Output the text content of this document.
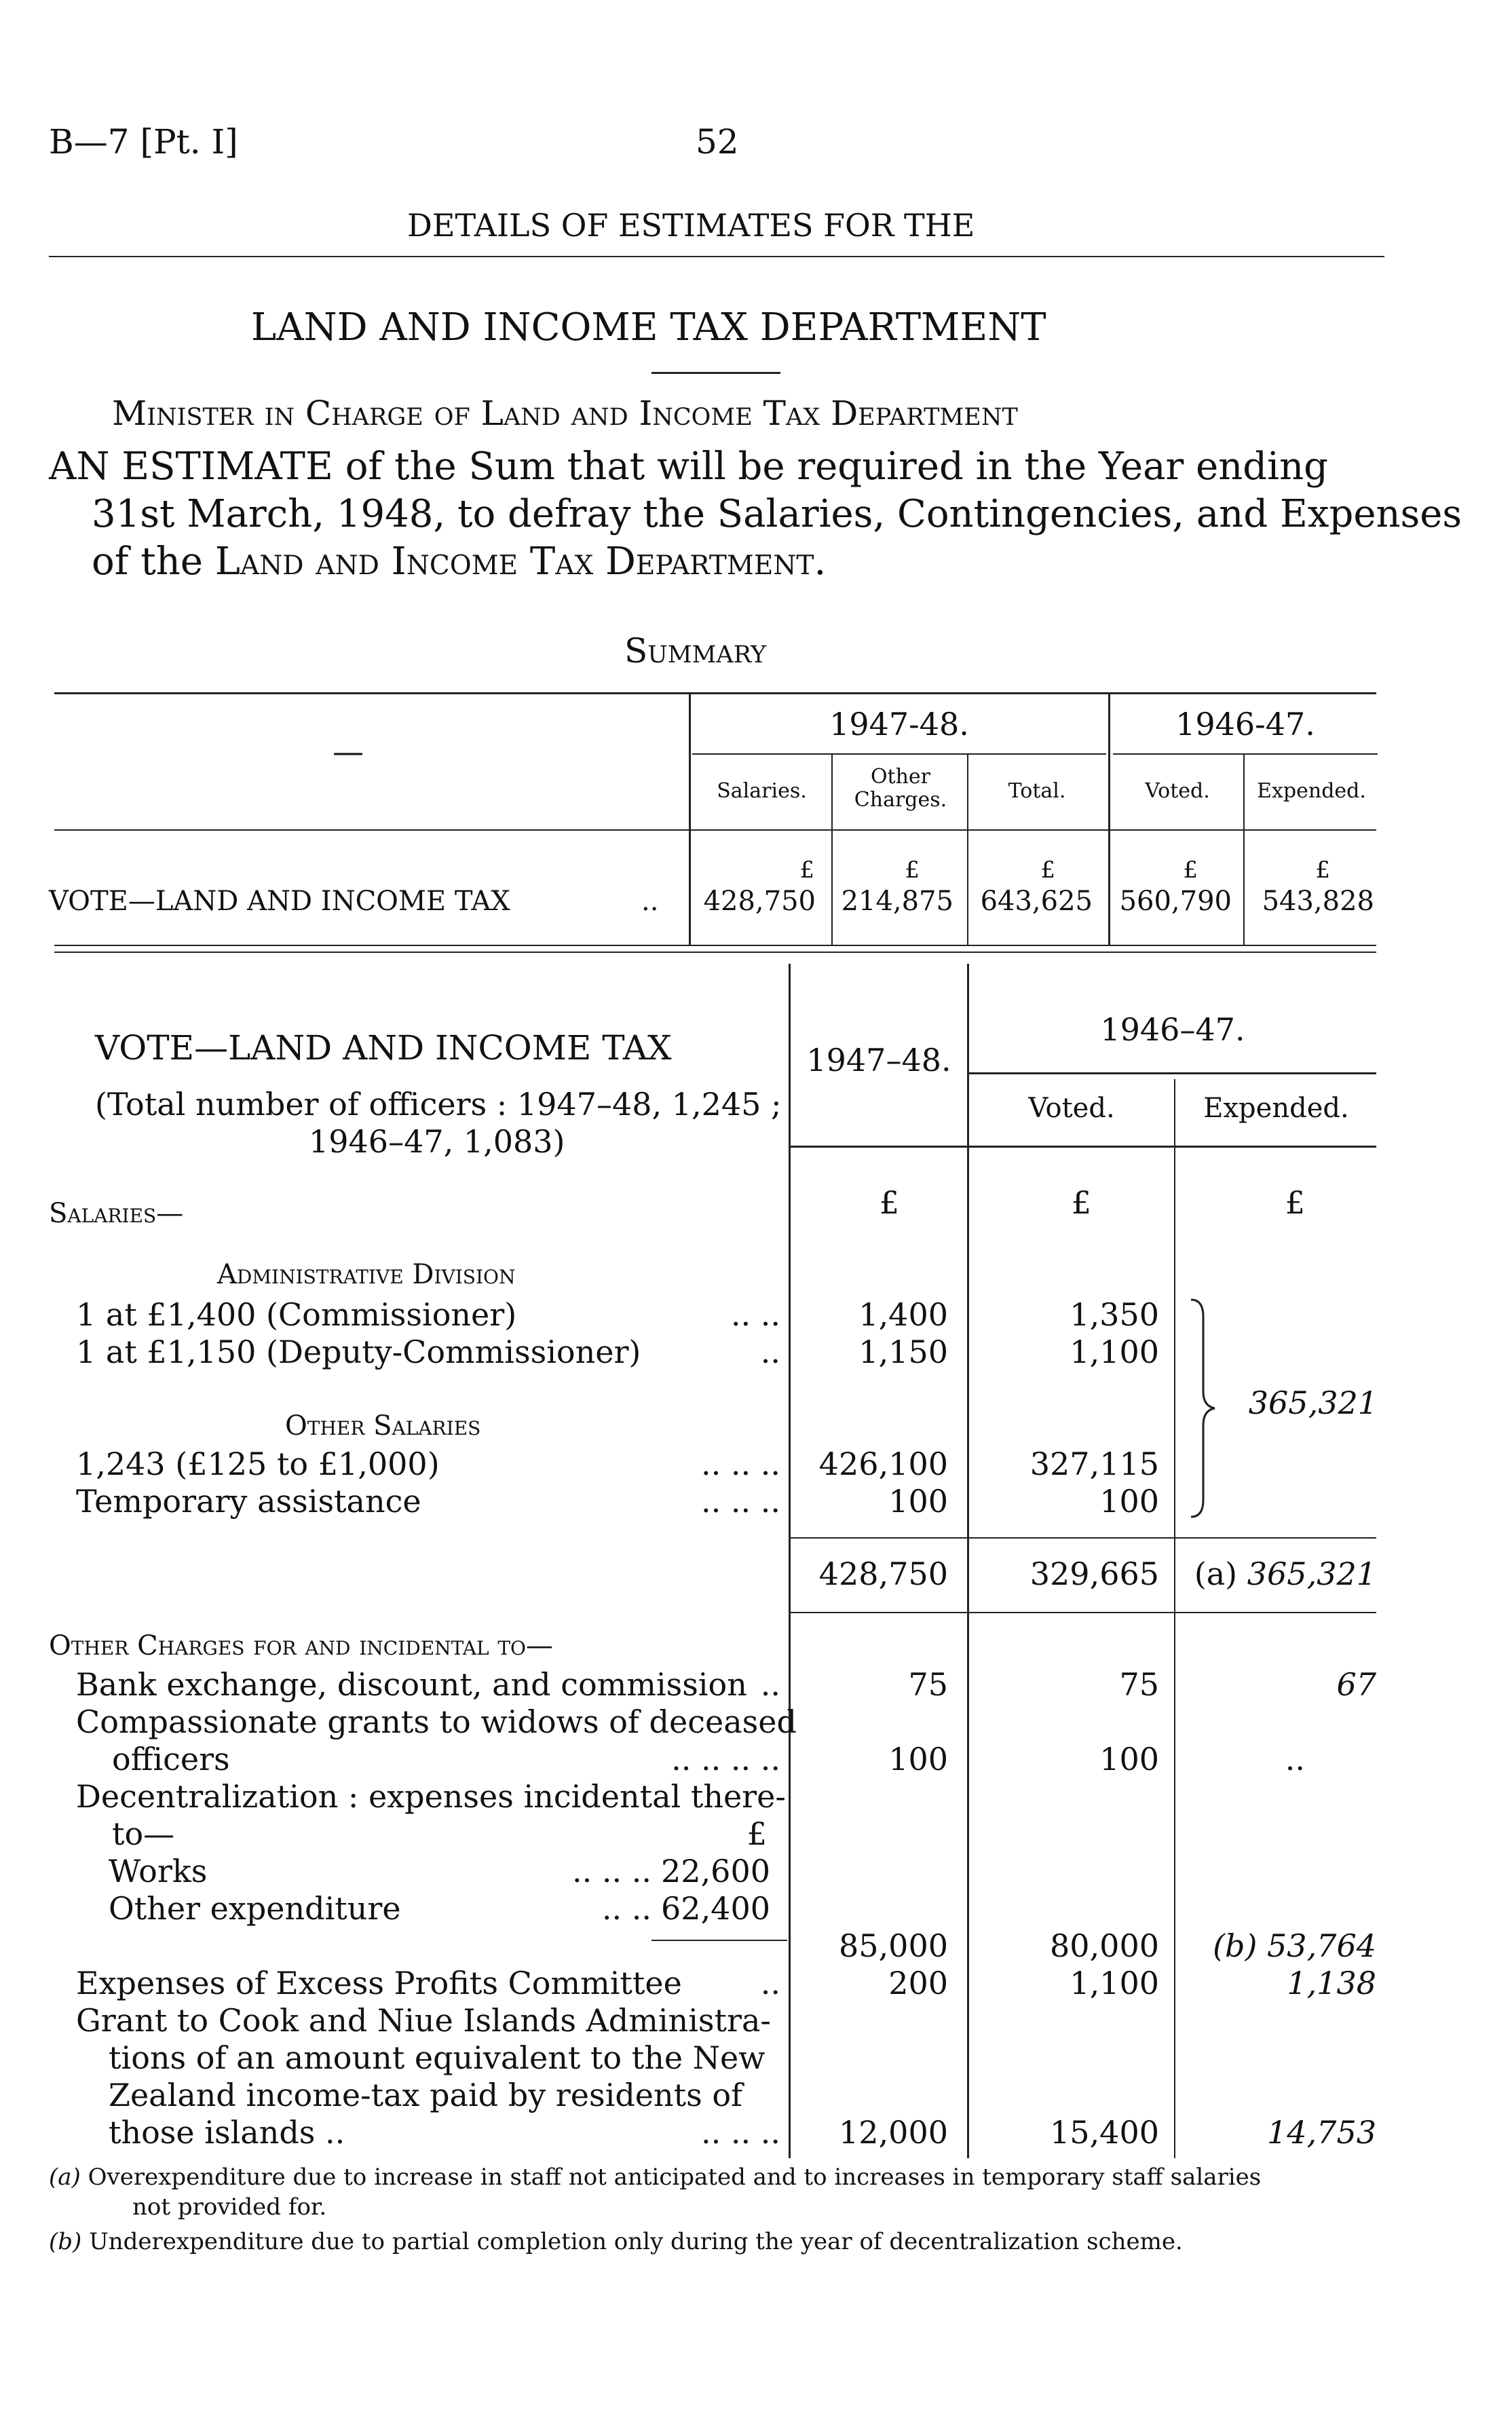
B—7 [Pt. I]	52
DETAILS OF ESTIMATES FOR THE
LAND AND INCOME TAX DEPARTMENT
Minister in Charge of Land and Income Tax Department
AN ESTIMATE of the Sum that will be required in the Year ending
31st March, 1948, to defray the Salaries, Contingencies, and Expenses
of the Land and Income Tax Department.
Summary
—
1947-48.	1946-47.
Salaries.
Other
Charges.	Total.	Voted.	Expended.
£	£	£	£	£
VOTE—LAND AND INCOME TAX	..	428,750 214,875 643,625 560,790	543,828
VOTE—LAND AND INCOME TAX
(Total number of officers : 1947–48, 1,245 ;
1946–47, 1,083)
1947–48.
1946–47.
Voted.	Expended.
£	£	£
Salaries—
Administrative Division
1 at £1,400 (Commissioner)	.. ..	1,400	1,350
1 at £1,150 (Deputy-Commissioner)	..	1,150	1,100
Other Salaries
1,243 (£125 to £1,000)	.. .. ..	426,100	327,115
Temporary assistance	.. .. ..	100	100
365,321
428,750	329,665	(a) 365,321
Other Charges for and incidental to—
Bank exchange, discount, and commission ..	75	75	67
Compassionate grants to widows of deceased
officers	.. .. .. ..	100	100	..
Decentralization : expenses incidental there-
to—	£
Works	.. .. .. 22,600
Other expenditure	.. .. 62,400
85,000	80,000	(b) 53,764
Expenses of Excess Profits Committee	..	200	1,100	1,138
Grant to Cook and Niue Islands Administra-
tions of an amount equivalent to the New
Zealand income-tax paid by residents of
those islands ..	.. .. ..	12,000	15,400	14,753
(a) Overexpenditure due to increase in staff not anticipated and to increases in temporary staff salaries
not provided for.
(b) Underexpenditure due to partial completion only during the year of decentralization scheme.
